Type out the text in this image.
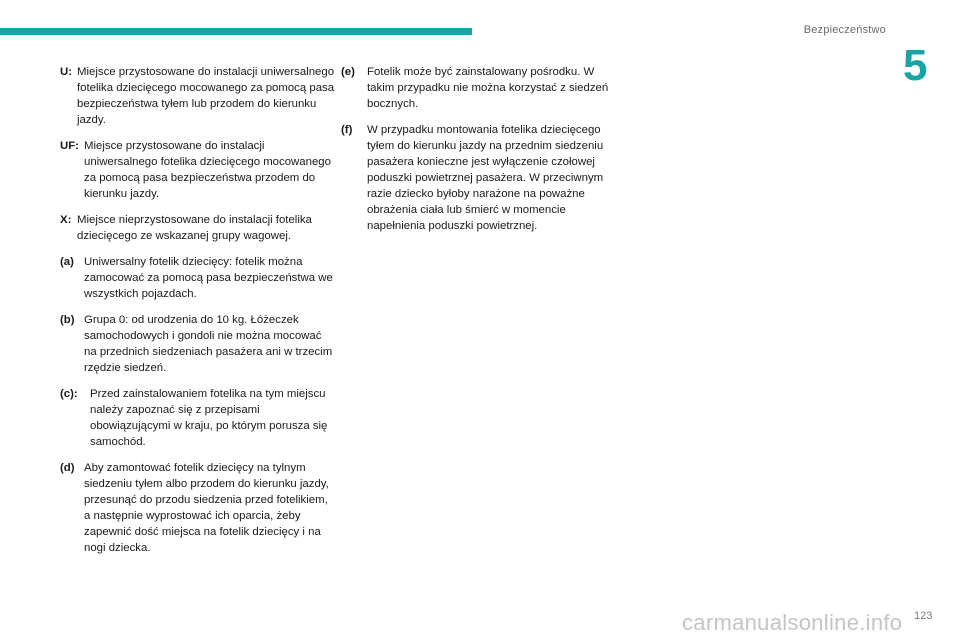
Bezpieczeństwo
5
U: Miejsce przystosowane do instalacji uniwersalnego fotelika dziecięcego mocowanego za pomocą pasa bezpieczeństwa tyłem lub przodem do kierunku jazdy.
UF: Miejsce przystosowane do instalacji uniwersalnego fotelika dziecięcego mocowanego za pomocą pasa bezpieczeństwa przodem do kierunku jazdy.
X: Miejsce nieprzystosowane do instalacji fotelika dziecięcego ze wskazanej grupy wagowej.
(a) Uniwersalny fotelik dziecięcy: fotelik można zamocować za pomocą pasa bezpieczeństwa we wszystkich pojazdach.
(b) Grupa 0: od urodzenia do 10 kg. Łóżeczek samochodowych i gondoli nie można mocować na przednich siedzeniach pasażera ani w trzecim rzędzie siedzeń.
(c):	Przed zainstalowaniem fotelika na tym miejscu należy zapoznać się z przepisami obowiązującymi w kraju, po którym porusza się samochód.
(d) Aby zamontować fotelik dziecięcy na tylnym siedzeniu tyłem albo przodem do kierunku jazdy, przesunąć do przodu siedzenia przed fotelikiem, a następnie wyprostować ich oparcia, żeby zapewnić dość miejsca na fotelik dziecięcy i na nogi dziecka.
(e)	Fotelik może być zainstalowany pośrodku. W takim przypadku nie można korzystać z siedzeń bocznych.
(f)	W przypadku montowania fotelika dziecięcego tyłem do kierunku jazdy na przednim siedzeniu pasażera konieczne jest wyłączenie czołowej poduszki powietrznej pasażera. W przeciwnym razie dziecko byłoby narażone na poważne obrażenia ciała lub śmierć w momencie napełnienia poduszki powietrznej.
carmanualsonline.info 123
